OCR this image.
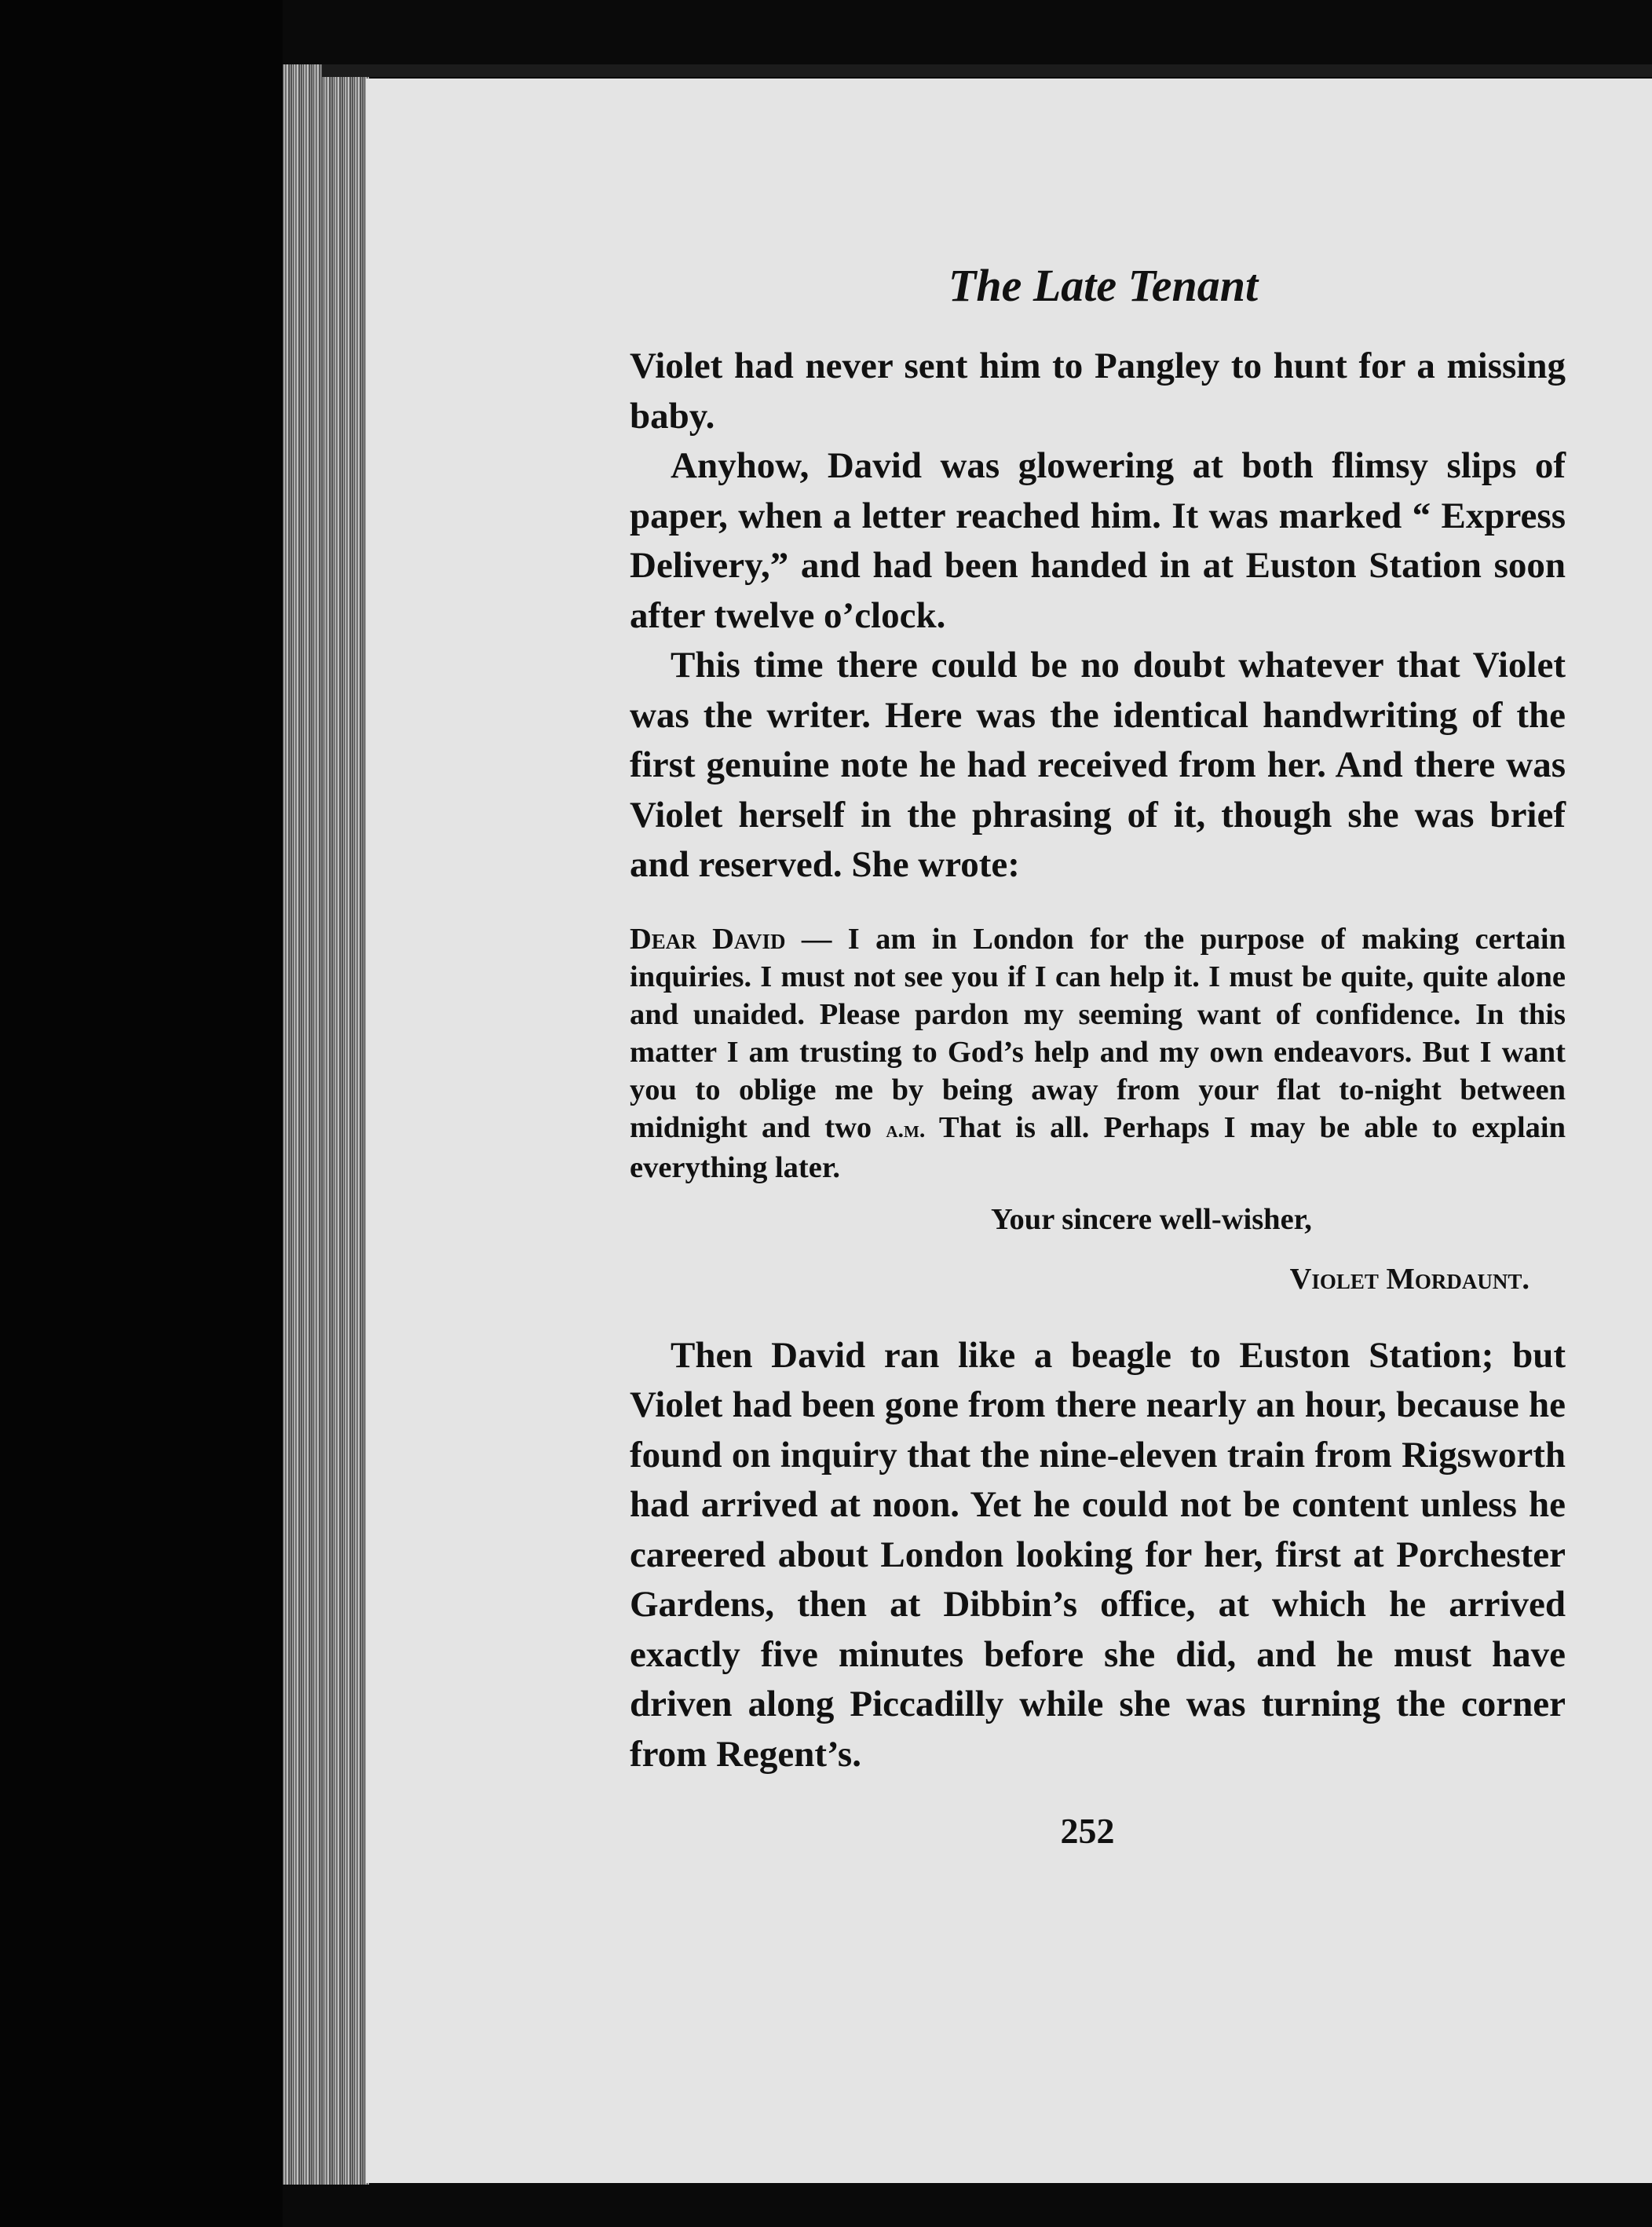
The Late Tenant

Violet had never sent him to Pangley to hunt for a missing baby.

Anyhow, David was glowering at both flimsy slips of paper, when a letter reached him. It was marked “ Express Delivery,” and had been handed in at Euston Station soon after twelve o’clock.

This time there could be no doubt whatever that Violet was the writer. Here was the identical handwriting of the first genuine note he had received from her. And there was Violet herself in the phrasing of it, though she was brief and reserved. She wrote:

Dear David — I am in London for the purpose of making certain inquiries. I must not see you if I can help it. I must be quite, quite alone and unaided. Please pardon my seeming want of confidence. In this matter I am trusting to God’s help and my own endeavors. But I want you to oblige me by being away from your flat to-night between midnight and two a.m. That is all. Perhaps I may be able to explain everything later.

Your sincere well-wisher,
Violet Mordaunt.

Then David ran like a beagle to Euston Station; but Violet had been gone from there nearly an hour, because he found on inquiry that the nine-eleven train from Rigsworth had arrived at noon. Yet he could not be content unless he careered about London looking for her, first at Porchester Gardens, then at Dibbin’s office, at which he arrived exactly five minutes before she did, and he must have driven along Piccadilly while she was turning the corner from Regent’s.

252
